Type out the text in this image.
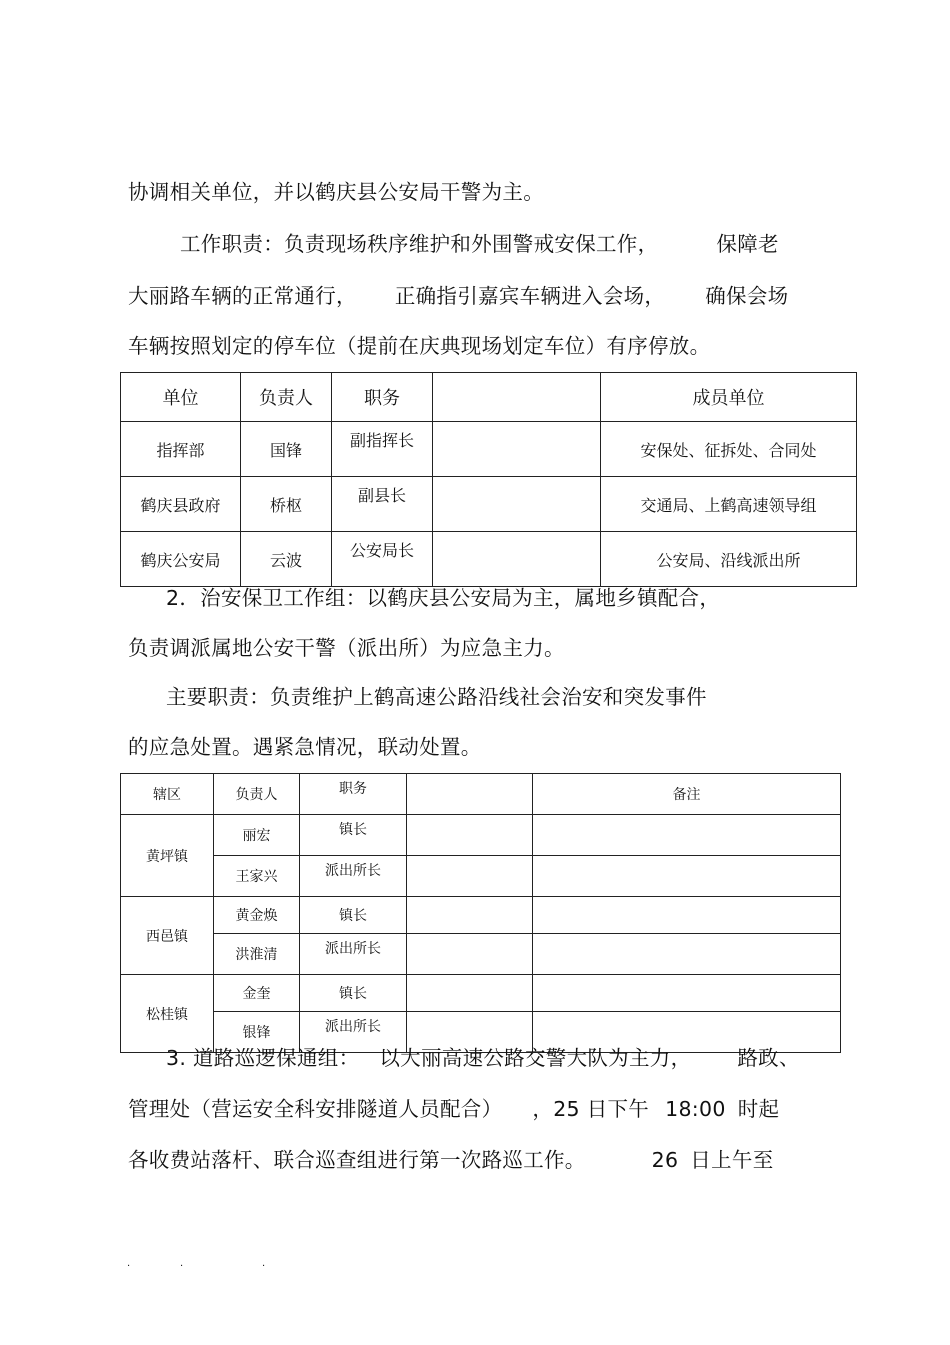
协调相关单位，并以鹤庆县公安局干警为主。
工作职责：负责现场秩序维护和外围警戒安保工作，	保障老
大丽路车辆的正常通行， 正确指引嘉宾车辆进入会场， 确保会场
车辆按照划定的停车位（提前在庆典现场划定车位）有序停放。
单位	负责人	职务		成员单位
指挥部	国锋	副指挥长		安保处、征拆处、合同处
鹤庆县政府	桥枢	副县长		交通局、上鹤高速领导组
鹤庆公安局	云波	公安局长		公安局、沿线派出所
2．治安保卫工作组：以鹤庆县公安局为主，属地乡镇配合，
负责调派属地公安干警（派出所）为应急主力。
主要职责：负责维护上鹤高速公路沿线社会治安和突发事件
的应急处置。遇紧急情况，联动处置。
辖区	负责人	职务		备注
黄坪镇	丽宏	镇长		
	王家兴	派出所长		
西邑镇	黄金焕	镇长		
	洪淮清	派出所长		
松桂镇	金奎	镇长		
	银锋	派出所长		
3. 道路巡逻保通组： 以大丽高速公路交警大队为主力， 路政、
管理处（营运安全科安排隧道人员配合） ，25 日下午 18:00 时起
各收费站落杆、联合巡查组进行第一次路巡工作。	26 日上午至
.	.	.
